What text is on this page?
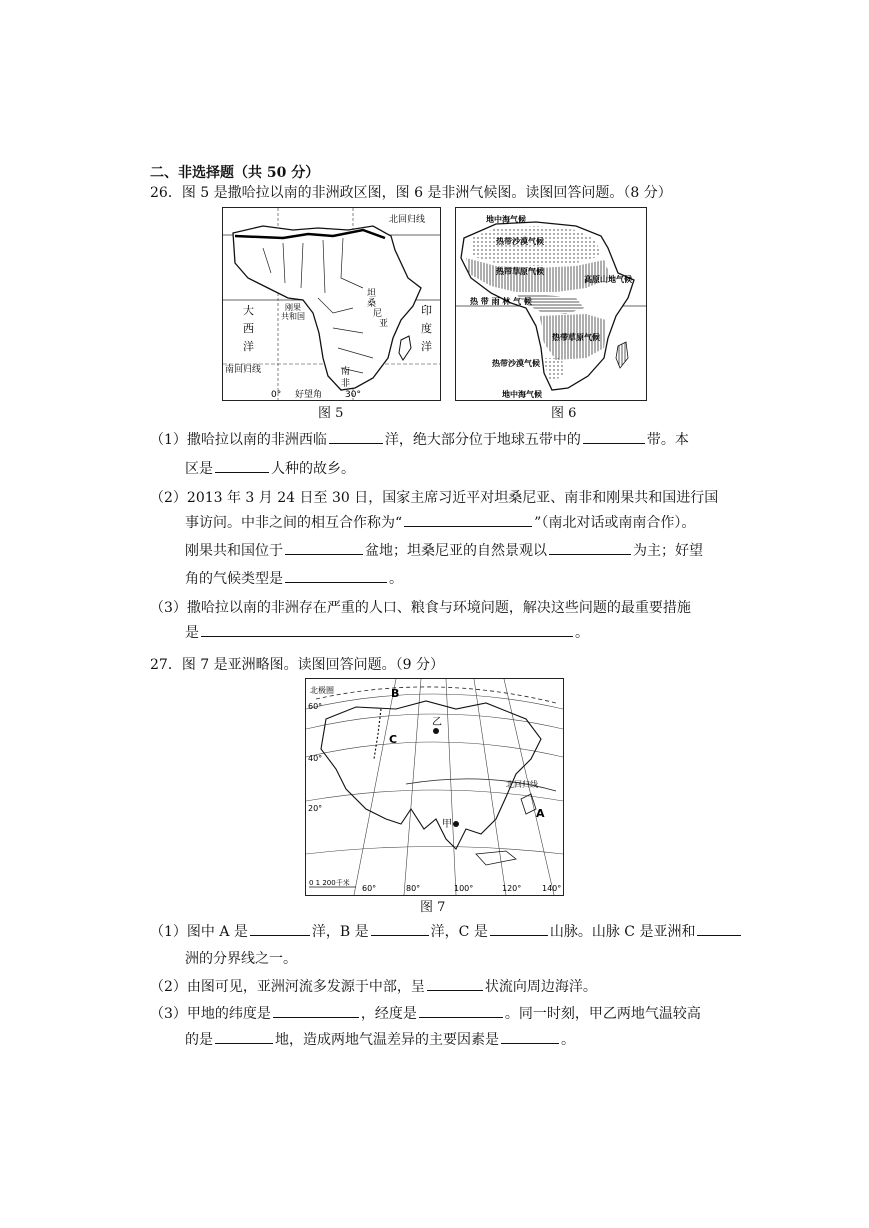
二、非选择题（共 50 分）
26．图 5 是撒哈拉以南的非洲政区图，图 6 是非洲气候图。读图回答问题。（8 分）
北回归线
南回归线
大
西
洋
印
度
洋
刚果
共和国
坦
桑
尼
亚
南
非
好望角
0°	30°
图 5
地中海气候
热带沙漠气候
热带草原气候
高原山地气候
热 带 雨 林 气 候
热带草原气候
热带沙漠气候
地中海气候
图 6
（1）撒哈拉以南的非洲西临	洋，绝大部分位于地球五带中的	带。本
区是	人种的故乡。
（2）2013 年 3 月 24 日至 30 日，国家主席习近平对坦桑尼亚、南非和刚果共和国进行国
事访问。中非之间的相互合作称为“	”（南北对话或南南合作）。
刚果共和国位于	盆地；坦桑尼亚的自然景观以	为主；好望
角的气候类型是	。
（3）撒哈拉以南的非洲存在严重的人口、粮食与环境问题，解决这些问题的最重要措施
是	。
27．图 7 是亚洲略图。读图回答问题。（9 分）
北极圈
北回归线
B
C
A
乙
甲
60°
40°
20°
60°	80°	100°	120°	140°
0 1 200千米
图 7
（1）图中 A 是	洋，B 是	洋，C 是	山脉。山脉 C 是亚洲和
洲的分界线之一。
（2）由图可见，亚洲河流多发源于中部，呈	状流向周边海洋。
（3）甲地的纬度是	，经度是	。同一时刻，甲乙两地气温较高
的是	地，造成两地气温差异的主要因素是	。
